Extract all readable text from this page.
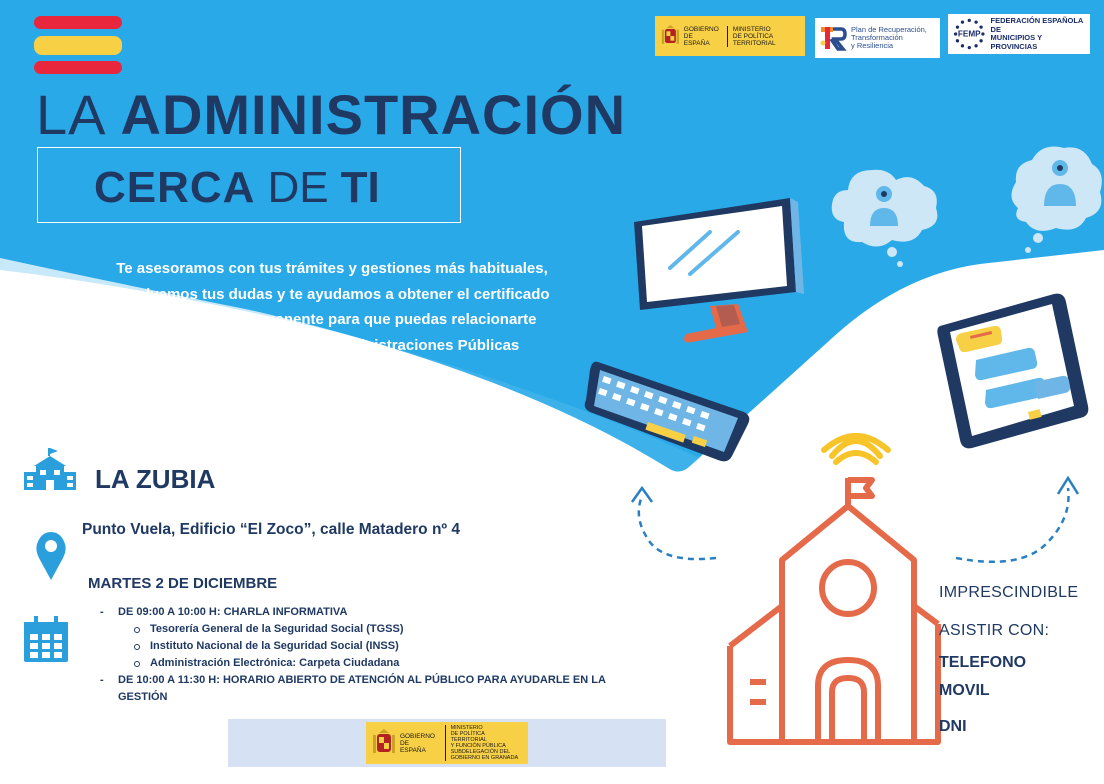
GOBIERNO
DE ESPAÑA
MINISTERIO
DE POLÍTICA TERRITORIAL
Plan de Recuperación,
Transformación
y Resiliencia
FEMP
FEDERACIÓN ESPAÑOLA DE
MUNICIPIOS Y PROVINCIAS
LA ADMINISTRACIÓN
CERCA DE TI
Te asesoramos con tus trámites y gestiones más habituales,
resolvemos tus dudas y te ayudamos a obtener el certificado
digital y Cl@ve permanente para que puedas relacionarte
electrónicamente con las Administraciones Públicas
LA ZUBIA
Punto Vuela, Edificio “El Zoco”, calle Matadero nº 4
MARTES 2 DE DICIEMBRE
- DE 09:00 A 10:00 H: CHARLA INFORMATIVA
Tesorería General de la Seguridad Social (TGSS)
Instituto Nacional de la Seguridad Social (INSS)
Administración Electrónica: Carpeta Ciudadana
- DE 10:00 A 11:30 H: HORARIO ABIERTO DE ATENCIÓN AL PÚBLICO PARA AYUDARLE EN LA
GESTIÓN
GOBIERNO
DE ESPAÑA
MINISTERIO
DE POLÍTICA TERRITORIAL
Y FUNCIÓN PÚBLICA
SUBDELEGACIÓN DEL
GOBIERNO EN GRANADA
IMPRESCINDIBLE
ASISTIR CON:
TELEFONO
MOVIL
DNI
